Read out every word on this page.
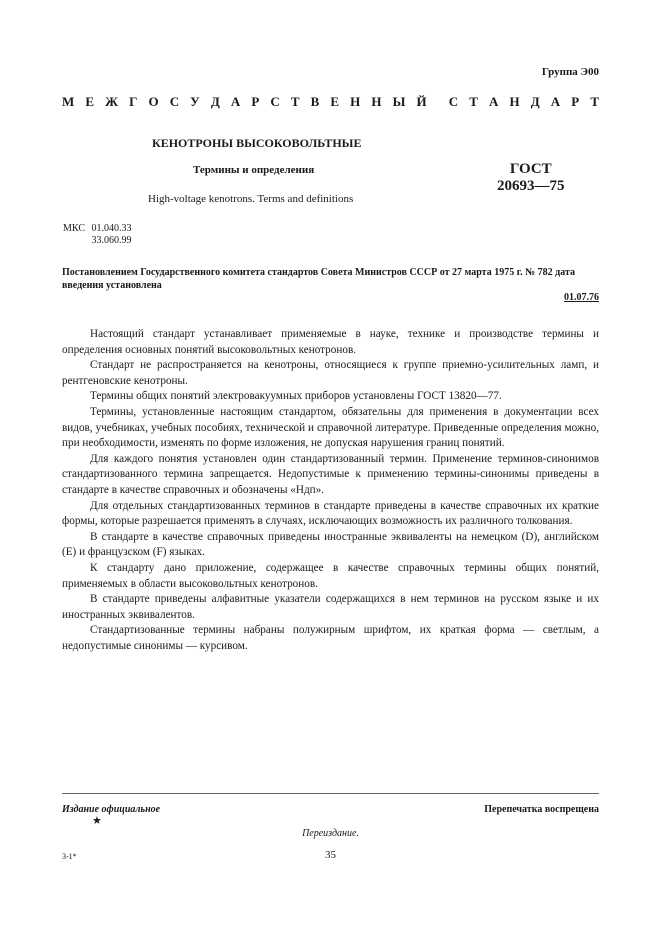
Группа Э00
М Е Ж Г О С У Д А Р С Т В Е Н Н Ы Й С Т А Н Д А Р Т
КЕНОТРОНЫ ВЫСОКОВОЛЬТНЫЕ
Термины и определения	ГОСТ
20693—75
High-voltage kenotrons. Terms and definitions
МКС 01.040.33
33.060.99
Постановлением Государственного комитета стандартов Совета Министров СССР от 27 марта 1975 г. № 782 дата введения установлена
01.07.76

Настоящий стандарт устанавливает применяемые в науке, технике и производстве термины и определения основных понятий высоковольтных кенотронов.

Стандарт не распространяется на кенотроны, относящиеся к группе приемно-усилительных ламп, и рентгеновские кенотроны.

Термины общих понятий электровакуумных приборов установлены ГОСТ 13820—77.

Термины, установленные настоящим стандартом, обязательны для применения в документации всех видов, учебниках, учебных пособиях, технической и справочной литературе. Приведенные определения можно, при необходимости, изменять по форме изложения, не допуская нарушения границ понятий.

Для каждого понятия установлен один стандартизованный термин. Применение терминов-синонимов стандартизованного термина запрещается. Недопустимые к применению термины-синонимы приведены в стандарте в качестве справочных и обозначены «Ндп».

Для отдельных стандартизованных терминов в стандарте приведены в качестве справочных их краткие формы, которые разрешается применять в случаях, исключающих возможность их различного толкования.

В стандарте в качестве справочных приведены иностранные эквиваленты на немецком (D), английском (Е) и французском (F) языках.

К стандарту дано приложение, содержащее в качестве справочных термины общих понятий, применяемых в области высоковольтных кенотронов.

В стандарте приведены алфавитные указатели содержащихся в нем терминов на русском языке и их иностранных эквивалентов.

Стандартизованные термины набраны полужирным шрифтом, их краткая форма — светлым, а недопустимые синонимы — курсивом.

Издание официальное
★
Перепечатка воспрещена
Переиздание.
35
3-1*
